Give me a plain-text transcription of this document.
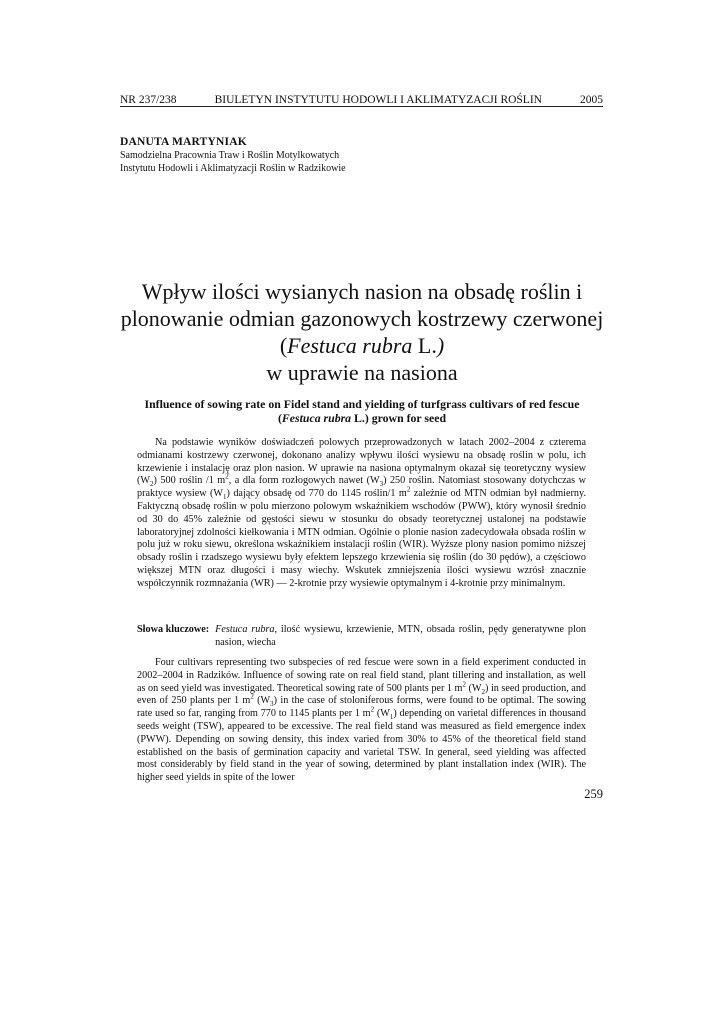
NR 237/238	BIULETYN INSTYTUTU HODOWLI I AKLIMATYZACJI ROŚLIN	2005
DANUTA MARTYNIAK
Samodzielna Pracownia Traw i Roślin Motylkowatych
Instytutu Hodowli i Aklimatyzacji Roślin w Radzikowie
Wpływ ilości wysianych nasion na obsadę roślin i plonowanie odmian gazonowych kostrzewy czerwonej (Festuca rubra L.)
w uprawie na nasiona
Influence of sowing rate on Fidel stand and yielding of turfgrass cultivars of red fescue (Festuca rubra L.) grown for seed

Na podstawie wyników doświadczeń polowych przeprowadzonych w latach 2002–2004 z czterema odmianami kostrzewy czerwonej, dokonano analizy wpływu ilości wysiewu na obsadę roślin w polu, ich krzewienie i instalację oraz plon nasion. W uprawie na nasiona optymalnym okazał się teoretyczny wysiew $(W_2)$ 500 roślin /1 $m^2$, a dla form rozłogowych nawet $(W_3)$ 250 roślin. Natomiast stosowany dotychczas w praktyce wysiew $(W_1)$ dający obsadę od 770 do 1145 roślin/1 $m^2$ zależnie od MTN odmian był nadmierny. Faktyczną obsadę roślin w polu mierzono polowym wskaźnikiem wschodów (PWW), który wynosił średnio od 30 do 45% zależnie od gęstości siewu w stosunku do obsady teoretycznej ustalonej na podstawie laboratoryjnej zdolności kiełkowania i MTN odmian. Ogólnie o plonie nasion zadecydowała obsada roślin w polu już w roku siewu, określona wskaźnikiem instalacji roślin (WIR). Wyższe plony nasion pomimo niższej obsady roślin i rzadszego wysiewu były efektem lepszego krzewienia się roślin (do 30 pędów), a częściowo większej MTN oraz długości i masy wiechy. Wskutek zmniejszenia ilości wysiewu wzrósł znacznie współczynnik rozmnażania (WR) — 2-krotnie przy wysiewie optymalnym i 4-krotnie przy minimalnym.

Słowa kluczowe: Festuca rubra, ilość wysiewu, krzewienie, MTN, obsada roślin, pędy generatywne plon nasion, wiecha

Four cultivars representing two subspecies of red fescue were sown in a field experiment conducted in 2002–2004 in Radzików. Influence of sowing rate on real field stand, plant tillering and installation, as well as on seed yield was investigated. Theoretical sowing rate of 500 plants per 1 $m^2$ $(W_2)$ in seed production, and even of 250 plants per 1 $m^2$ $(W_3)$ in the case of stoloniferous forms, were found to be optimal. The sowing rate used so far, ranging from 770 to 1145 plants per 1 $m^2$ $(W_1)$ depending on varietal differences in thousand seeds weight (TSW), appeared to be excessive. The real field stand was measured as field emergence index (PWW). Depending on sowing density, this index varied from 30% to 45% of the theoretical field stand established on the basis of germination capacity and varietal TSW. In general, seed yielding was affected most considerably by field stand in the year of sowing, determined by plant installation index (WIR). The higher seed yields in spite of the lower

259
